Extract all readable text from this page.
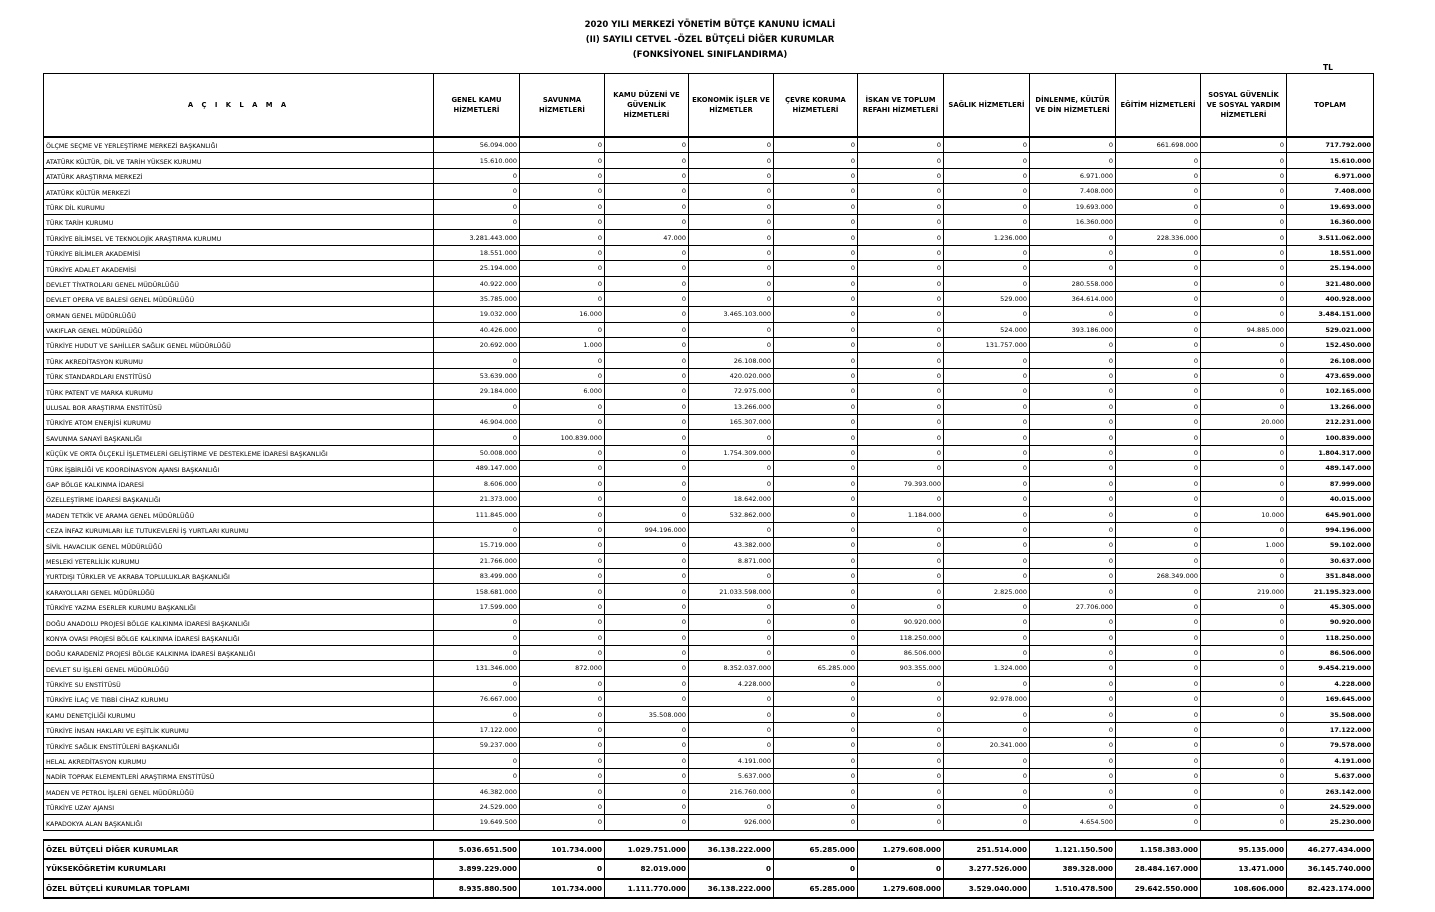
2020 YILI MERKEZİ YÖNETİM BÜTÇE KANUNU İCMALİ
(II) SAYILI CETVEL -ÖZEL BÜTÇELİ DİĞER KURUMLAR
(FONKSİYONEL SINIFLANDIRMA)
TL
A Ç I K L A M A	GENEL KAMU HİZMETLERİ	SAVUNMA HİZMETLERİ	KAMU DÜZENİ VE GÜVENLİK HİZMETLERİ	EKONOMİK İŞLER VE HİZMETLER	ÇEVRE KORUMA HİZMETLERİ	İSKAN VE TOPLUM REFAHI HİZMETLERİ	SAĞLIK HİZMETLERİ	DİNLENME, KÜLTÜR VE DİN HİZMETLERİ	EĞİTİM HİZMETLERİ	SOSYAL GÜVENLİK VE SOSYAL YARDIM HİZMETLERİ	TOPLAM
ÖLÇME SEÇME VE YERLEŞTİRME MERKEZİ BAŞKANLIĞI	56.094.000	0	0	0	0	0	0	0	661.698.000	0	717.792.000
ATATÜRK KÜLTÜR, DİL VE TARİH YÜKSEK KURUMU	15.610.000	0	0	0	0	0	0	0	0	0	15.610.000
ATATÜRK ARAŞTIRMA MERKEZİ	0	0	0	0	0	0	0	6.971.000	0	0	6.971.000
ATATÜRK KÜLTÜR MERKEZİ	0	0	0	0	0	0	0	7.408.000	0	0	7.408.000
TÜRK DİL KURUMU	0	0	0	0	0	0	0	19.693.000	0	0	19.693.000
TÜRK TARİH KURUMU	0	0	0	0	0	0	0	16.360.000	0	0	16.360.000
TÜRKİYE BİLİMSEL VE TEKNOLOJİK ARAŞTIRMA KURUMU	3.281.443.000	0	47.000	0	0	0	1.236.000	0	228.336.000	0	3.511.062.000
TÜRKİYE BİLİMLER AKADEMİSİ	18.551.000	0	0	0	0	0	0	0	0	0	18.551.000
TÜRKİYE ADALET AKADEMİSİ	25.194.000	0	0	0	0	0	0	0	0	0	25.194.000
DEVLET TİYATROLARI GENEL MÜDÜRLÜĞÜ	40.922.000	0	0	0	0	0	0	280.558.000	0	0	321.480.000
DEVLET OPERA VE BALESİ GENEL MÜDÜRLÜĞÜ	35.785.000	0	0	0	0	0	529.000	364.614.000	0	0	400.928.000
ORMAN GENEL MÜDÜRLÜĞÜ	19.032.000	16.000	0	3.465.103.000	0	0	0	0	0	0	3.484.151.000
VAKIFLAR GENEL MÜDÜRLÜĞÜ	40.426.000	0	0	0	0	0	524.000	393.186.000	0	94.885.000	529.021.000
TÜRKİYE HUDUT VE SAHİLLER SAĞLIK GENEL MÜDÜRLÜĞÜ	20.692.000	1.000	0	0	0	0	131.757.000	0	0	0	152.450.000
TÜRK AKREDİTASYON KURUMU	0	0	0	26.108.000	0	0	0	0	0	0	26.108.000
TÜRK STANDARDLARI ENSTİTÜSÜ	53.639.000	0	0	420.020.000	0	0	0	0	0	0	473.659.000
TÜRK PATENT VE MARKA KURUMU	29.184.000	6.000	0	72.975.000	0	0	0	0	0	0	102.165.000
ULUSAL BOR ARAŞTIRMA ENSTİTÜSÜ	0	0	0	13.266.000	0	0	0	0	0	0	13.266.000
TÜRKİYE ATOM ENERJİSİ KURUMU	46.904.000	0	0	165.307.000	0	0	0	0	0	20.000	212.231.000
SAVUNMA SANAYİ BAŞKANLIĞI	0	100.839.000	0	0	0	0	0	0	0	0	100.839.000
KÜÇÜK VE ORTA ÖLÇEKLİ İŞLETMELERİ GELİŞTİRME VE DESTEKLEME İDARESİ BAŞKANLIĞI	50.008.000	0	0	1.754.309.000	0	0	0	0	0	0	1.804.317.000
TÜRK İŞBİRLİĞİ VE KOORDİNASYON AJANSI BAŞKANLIĞI	489.147.000	0	0	0	0	0	0	0	0	0	489.147.000
GAP BÖLGE KALKINMA İDARESİ	8.606.000	0	0	0	0	79.393.000	0	0	0	0	87.999.000
ÖZELLEŞTİRME İDARESİ BAŞKANLIĞI	21.373.000	0	0	18.642.000	0	0	0	0	0	0	40.015.000
MADEN TETKİK VE ARAMA GENEL MÜDÜRLÜĞÜ	111.845.000	0	0	532.862.000	0	1.184.000	0	0	0	10.000	645.901.000
CEZA İNFAZ KURUMLARI İLE TUTUKEVLERİ İŞ YURTLARI KURUMU	0	0	994.196.000	0	0	0	0	0	0	0	994.196.000
SİVİL HAVACILIK GENEL MÜDÜRLÜĞÜ	15.719.000	0	0	43.382.000	0	0	0	0	0	1.000	59.102.000
MESLEKİ YETERLİLİK KURUMU	21.766.000	0	0	8.871.000	0	0	0	0	0	0	30.637.000
YURTDIŞI TÜRKLER VE AKRABA TOPLULUKLAR BAŞKANLIĞI	83.499.000	0	0	0	0	0	0	0	268.349.000	0	351.848.000
KARAYOLLARI GENEL MÜDÜRLÜĞÜ	158.681.000	0	0	21.033.598.000	0	0	2.825.000	0	0	219.000	21.195.323.000
TÜRKİYE YAZMA ESERLER KURUMU BAŞKANLIĞI	17.599.000	0	0	0	0	0	0	27.706.000	0	0	45.305.000
DOĞU ANADOLU PROJESİ BÖLGE KALKINMA İDARESİ BAŞKANLIĞI	0	0	0	0	0	90.920.000	0	0	0	0	90.920.000
KONYA OVASI PROJESİ BÖLGE KALKINMA İDARESİ BAŞKANLIĞI	0	0	0	0	0	118.250.000	0	0	0	0	118.250.000
DOĞU KARADENİZ PROJESİ BÖLGE KALKINMA İDARESİ BAŞKANLIĞI	0	0	0	0	0	86.506.000	0	0	0	0	86.506.000
DEVLET SU İŞLERİ GENEL MÜDÜRLÜĞÜ	131.346.000	872.000	0	8.352.037.000	65.285.000	903.355.000	1.324.000	0	0	0	9.454.219.000
TÜRKİYE SU ENSTİTÜSÜ	0	0	0	4.228.000	0	0	0	0	0	0	4.228.000
TÜRKİYE İLAÇ VE TIBBİ CİHAZ KURUMU	76.667.000	0	0	0	0	0	92.978.000	0	0	0	169.645.000
KAMU DENETÇİLİĞİ KURUMU	0	0	35.508.000	0	0	0	0	0	0	0	35.508.000
TÜRKİYE İNSAN HAKLARI VE EŞİTLİK KURUMU	17.122.000	0	0	0	0	0	0	0	0	0	17.122.000
TÜRKİYE SAĞLIK ENSTİTÜLERİ BAŞKANLIĞI	59.237.000	0	0	0	0	0	20.341.000	0	0	0	79.578.000
HELAL AKREDİTASYON KURUMU	0	0	0	4.191.000	0	0	0	0	0	0	4.191.000
NADİR TOPRAK ELEMENTLERİ ARAŞTIRMA ENSTİTÜSÜ	0	0	0	5.637.000	0	0	0	0	0	0	5.637.000
MADEN VE PETROL İŞLERİ GENEL MÜDÜRLÜĞÜ	46.382.000	0	0	216.760.000	0	0	0	0	0	0	263.142.000
TÜRKİYE UZAY AJANSI	24.529.000	0	0	0	0	0	0	0	0	0	24.529.000
KAPADOKYA ALAN BAŞKANLIĞI	19.649.500	0	0	926.000	0	0	0	4.654.500	0	0	25.230.000

ÖZEL BÜTÇELİ DİĞER KURUMLAR	5.036.651.500	101.734.000	1.029.751.000	36.138.222.000	65.285.000	1.279.608.000	251.514.000	1.121.150.500	1.158.383.000	95.135.000	46.277.434.000
YÜKSEKÖĞRETİM KURUMLARI	3.899.229.000	0	82.019.000	0	0	0	3.277.526.000	389.328.000	28.484.167.000	13.471.000	36.145.740.000
ÖZEL BÜTÇELİ KURUMLAR TOPLAMI	8.935.880.500	101.734.000	1.111.770.000	36.138.222.000	65.285.000	1.279.608.000	3.529.040.000	1.510.478.500	29.642.550.000	108.606.000	82.423.174.000
